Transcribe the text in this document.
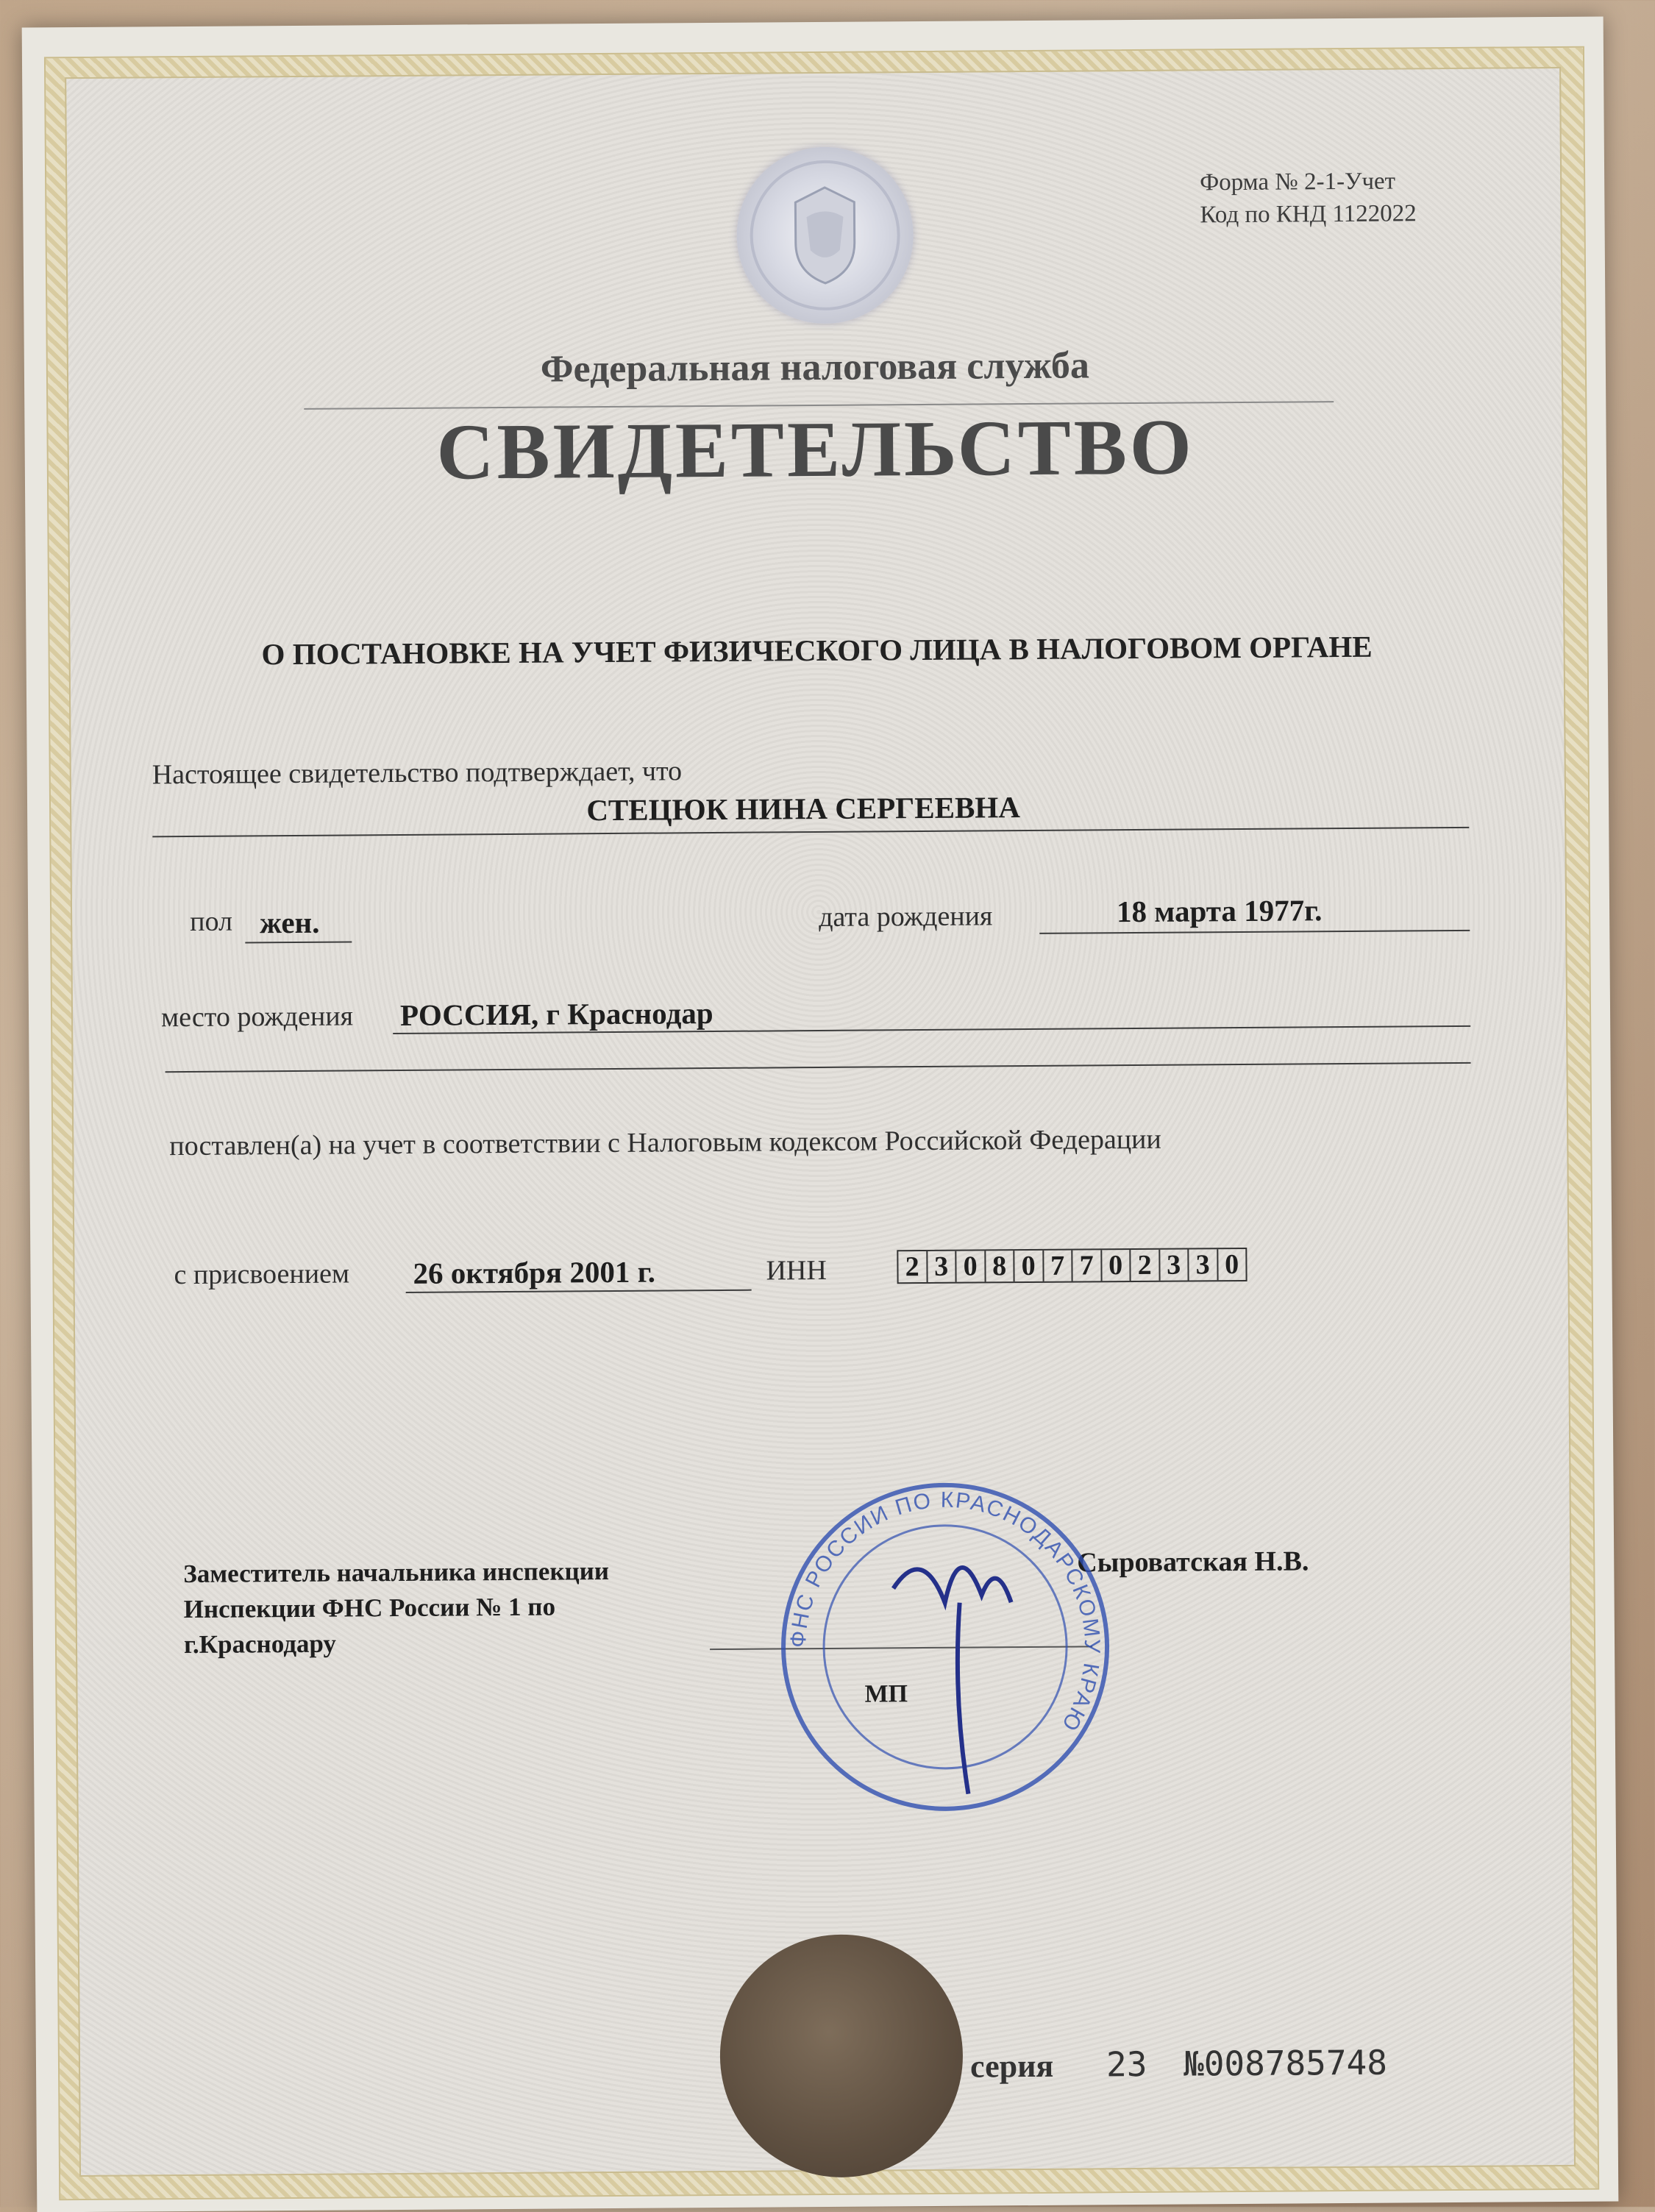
Форма № 2-1-Учет
Код по КНД 1122022
Федеральная налоговая служба
СВИДЕТЕЛЬСТВО
О ПОСТАНОВКЕ НА УЧЕТ ФИЗИЧЕСКОГО ЛИЦА В НАЛОГОВОМ ОРГАНЕ
Настоящее свидетельство подтверждает, что
СТЕЦЮК НИНА СЕРГЕЕВНА
пол жен.	дата рождения	18 марта 1977г.
место рождения РОССИЯ, г Краснодар
поставлен(а) на учет в соответствии с Налоговым кодексом Российской Федерации
с присвоением 26 октября 2001 г.	ИНН	2 3 0 8 0 7 7 0 2 3 3 0
Заместитель начальника инспекции
Инспекции ФНС России № 1 по
г.Краснодару
Сыроватская Н.В.
МП
ФНС РОССИИ ПО КРАСНОДАРСКОМУ КРАЮ
серия 23 №008785748
